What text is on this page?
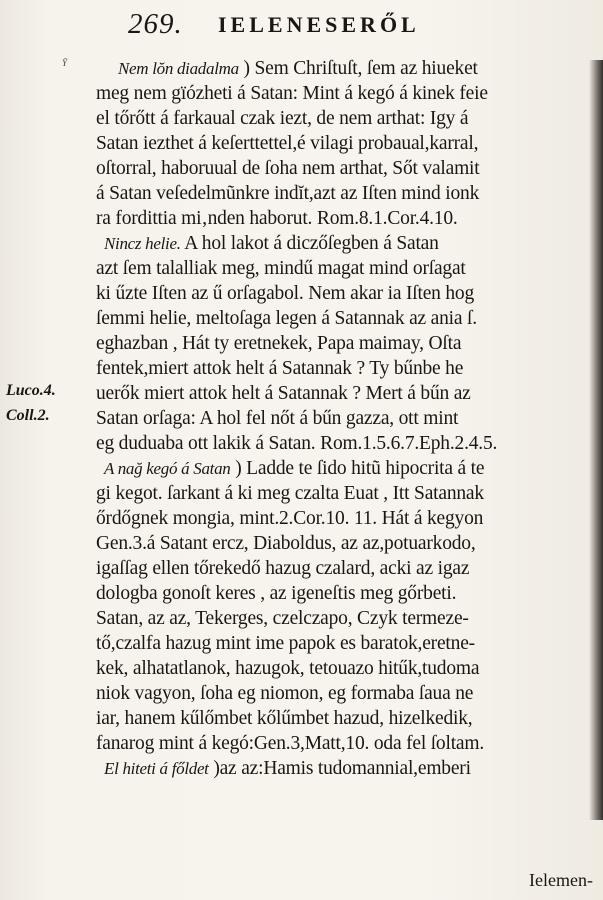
Ȳ
269. IELENESERŐL
Luco.4.
Coll.2.
Nem lŏn diadalma ) Sem Chriſtuſt, ſem az hiueket
meg nem gïózheti á Satan: Mint á kegó á kinek feie
el tőrőtt á farkaual czak iezt, de nem arthat: Igy á
Satan iezthet á keſerttettel,é vilagi probaual,karral,
oſtorral, haboruual de ſoha nem arthat, Sőt valamit
á Satan veſedelmũnkre indĭt,azt az Iſten mind ionk
ra fordittia mi‚nden haborut. Rom.8.1.Cor.4.10.
Nincz helie. A hol lakot á diczőſegben á Satan
azt ſem talalliak meg, mindű magat mind orſagat
ki űzte Iſten az ű orſagabol. Nem akar ia Iſten hog
ſemmi helie, meltoſaga legen á Satannak az ania ſ.
eghazban , Hát ty eretnekek, Papa maimay, Oſta
fentek,miert attok helt á Satannak ? Ty bűnbe he
uerők miert attok helt á Satannak ? Mert á bűn az
Satan orſaga: A hol fel nőt á bűn gazza, ott mint
eg duduaba ott lakik á Satan. Rom.1.5.6.7.Eph.2.4.5.
A nağ kegó á Satan ) Ladde te ſido hitũ hipocrita á te
gi kegot. ſarkant á ki meg czalta Euat , Itt Satannak
őrdőgnek mongia, mint.2.Cor.10. 11. Hát á kegyon
Gen.3.á Satant ercz, Diaboldus, az az,potuarkodo,
igaſſag ellen tőrekedő hazug czalard, acki az igaz
dologba gonoſt keres , az igeneſtis meg gőrbeti.
Satan, az az, Tekerges, czelczapo, Czyk termeze-
tő,czalfa hazug mint ime papok es baratok,eretne-
kek, alhatatlanok, hazugok, tetouazo hitűk,tudoma
niok vagyon, ſoha eg niomon, eg formaba ſaua ne
iar, hanem kűlőmbet kőlűmbet hazud, hizelkedik,
fanarog mint á kegó:Gen.3,Matt,10. oda fel ſoltam.
El hiteti á főldet )az az:Hamis tudomannial,emberi
Ielemen-
